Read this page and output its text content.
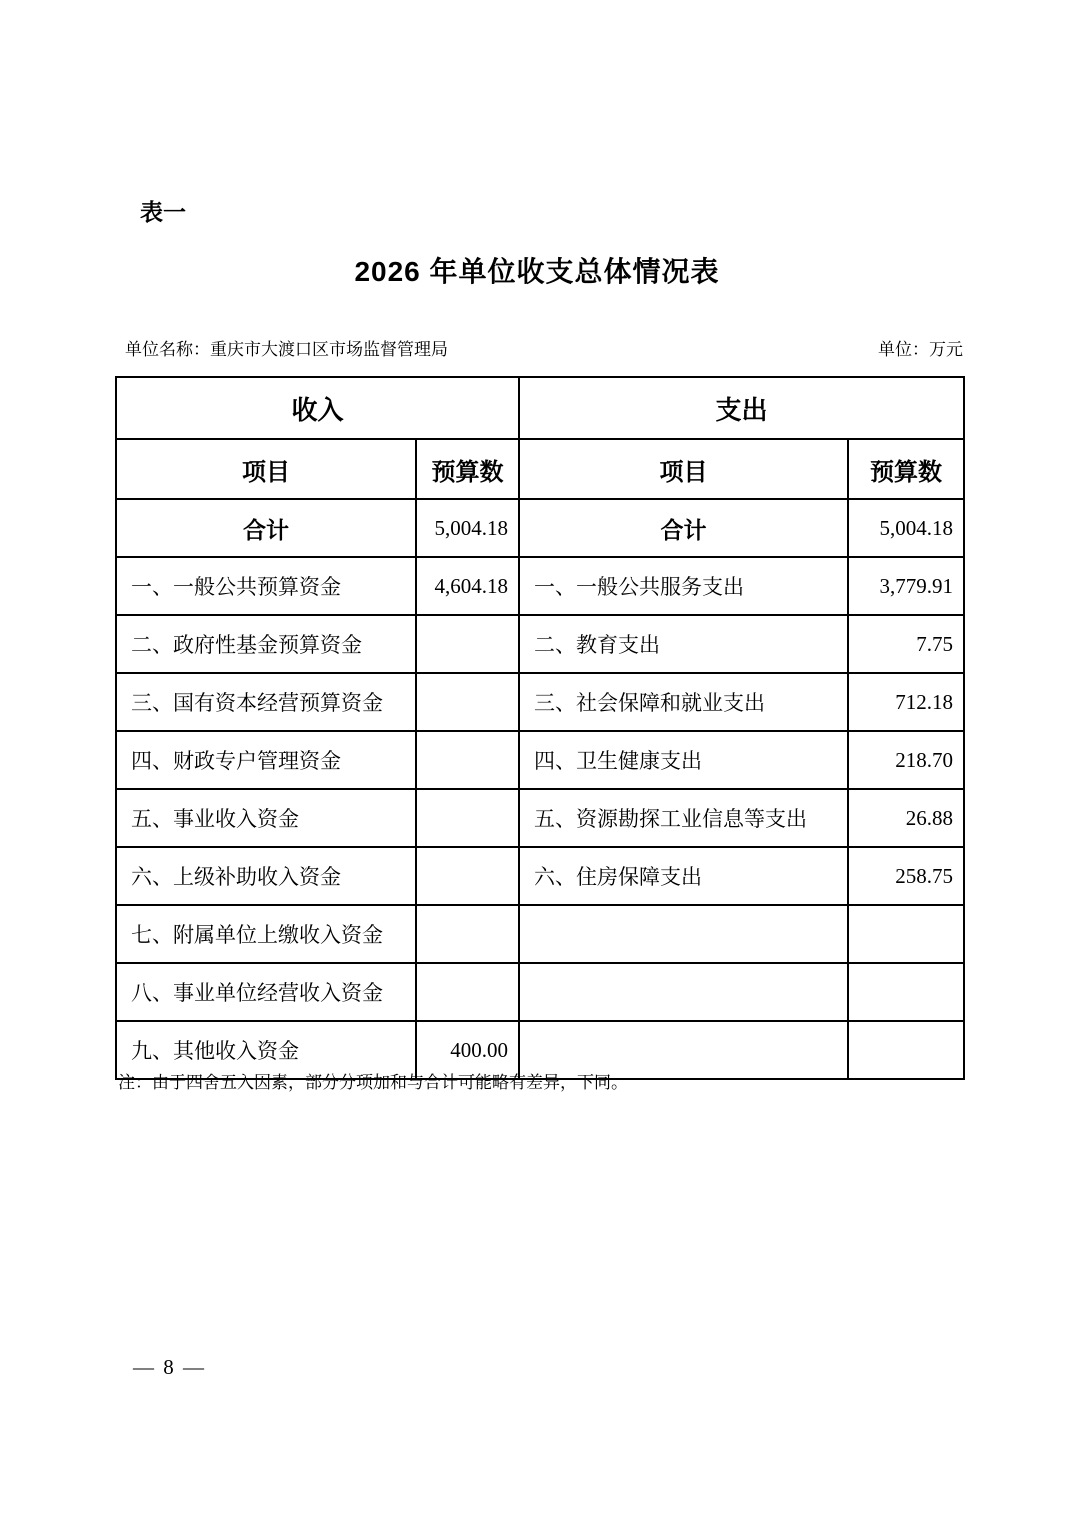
表一
2026 年单位收支总体情况表
单位名称：重庆市大渡口区市场监督管理局	单位：万元
收入		支出	
项目	预算数	项目	预算数
合计	5,004.18	合计	5,004.18
一、一般公共预算资金	4,604.18	一、一般公共服务支出	3,779.91
二、政府性基金预算资金		二、教育支出	7.75
三、国有资本经营预算资金		三、社会保障和就业支出	712.18
四、财政专户管理资金		四、卫生健康支出	218.70
五、事业收入资金		五、资源勘探工业信息等支出	26.88
六、上级补助收入资金		六、住房保障支出	258.75
七、附属单位上缴收入资金			
八、事业单位经营收入资金			
九、其他收入资金	400.00		

注：由于四舍五入因素，部分分项加和与合计可能略有差异，下同。

— 8 —
